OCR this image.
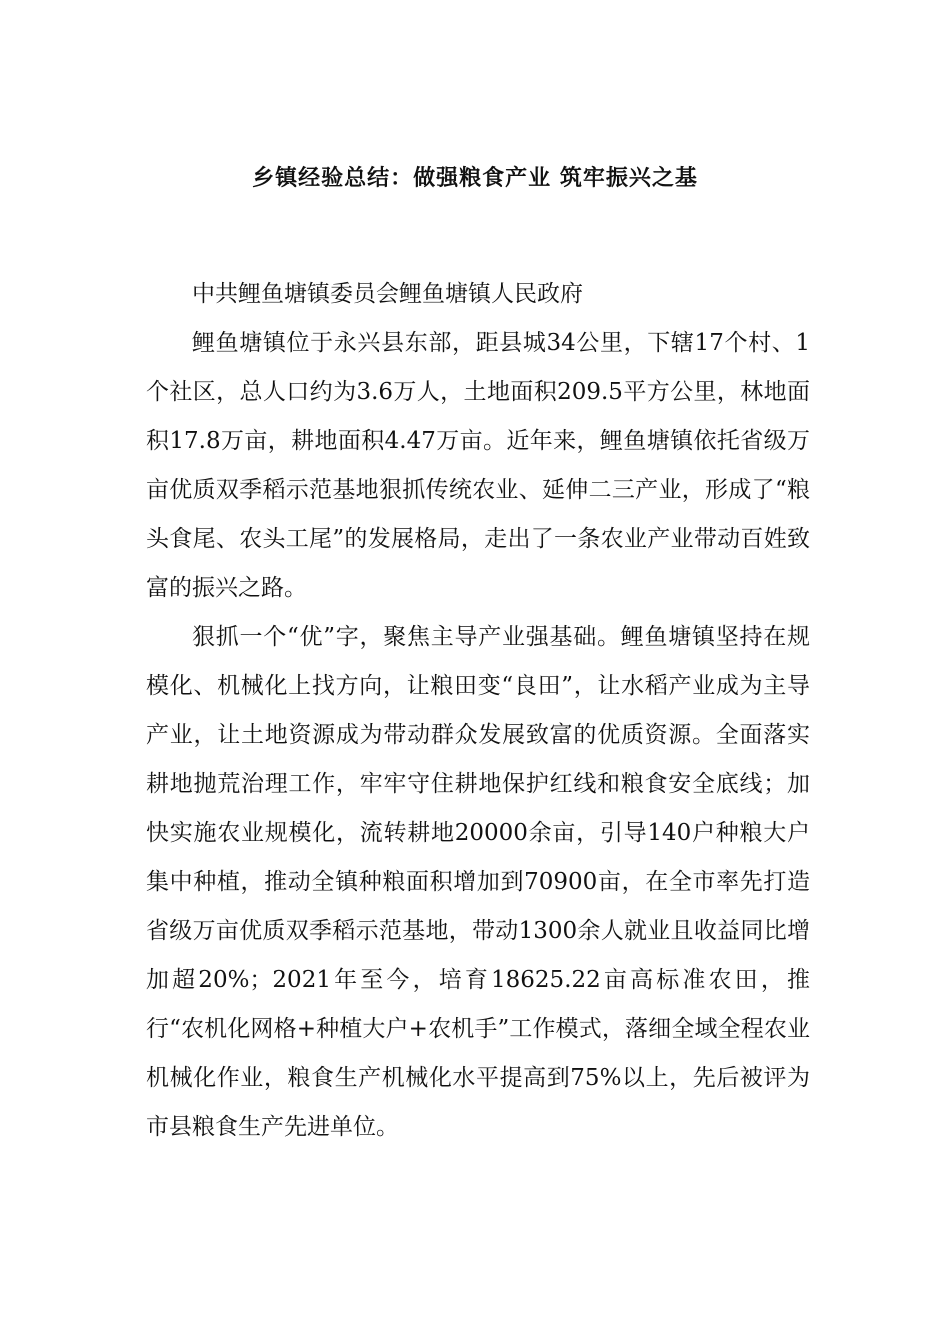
乡镇经验总结：做强粮食产业 筑牢振兴之基

中共鲤鱼塘镇委员会鲤鱼塘镇人民政府

鲤鱼塘镇位于永兴县东部，距县城34公里，下辖17个村、1个社区，总人口约为3.6万人，土地面积209.5平方公里，林地面积17.8万亩，耕地面积4.47万亩。近年来，鲤鱼塘镇依托省级万亩优质双季稻示范基地狠抓传统农业、延伸二三产业，形成了“粮头食尾、农头工尾”的发展格局，走出了一条农业产业带动百姓致富的振兴之路。

狠抓一个“优”字，聚焦主导产业强基础。鲤鱼塘镇坚持在规模化、机械化上找方向，让粮田变“良田”，让水稻产业成为主导产业，让土地资源成为带动群众发展致富的优质资源。全面落实耕地抛荒治理工作，牢牢守住耕地保护红线和粮食安全底线；加快实施农业规模化，流转耕地20000余亩，引导140户种粮大户集中种植，推动全镇种粮面积增加到70900亩，在全市率先打造省级万亩优质双季稻示范基地，带动1300余人就业且收益同比增加超20%；2021年至今，培育18625.22亩高标准农田，推行“农机化网格+种植大户+农机手”工作模式，落细全域全程农业机械化作业，粮食生产机械化水平提高到75%以上，先后被评为市县粮食生产先进单位。
